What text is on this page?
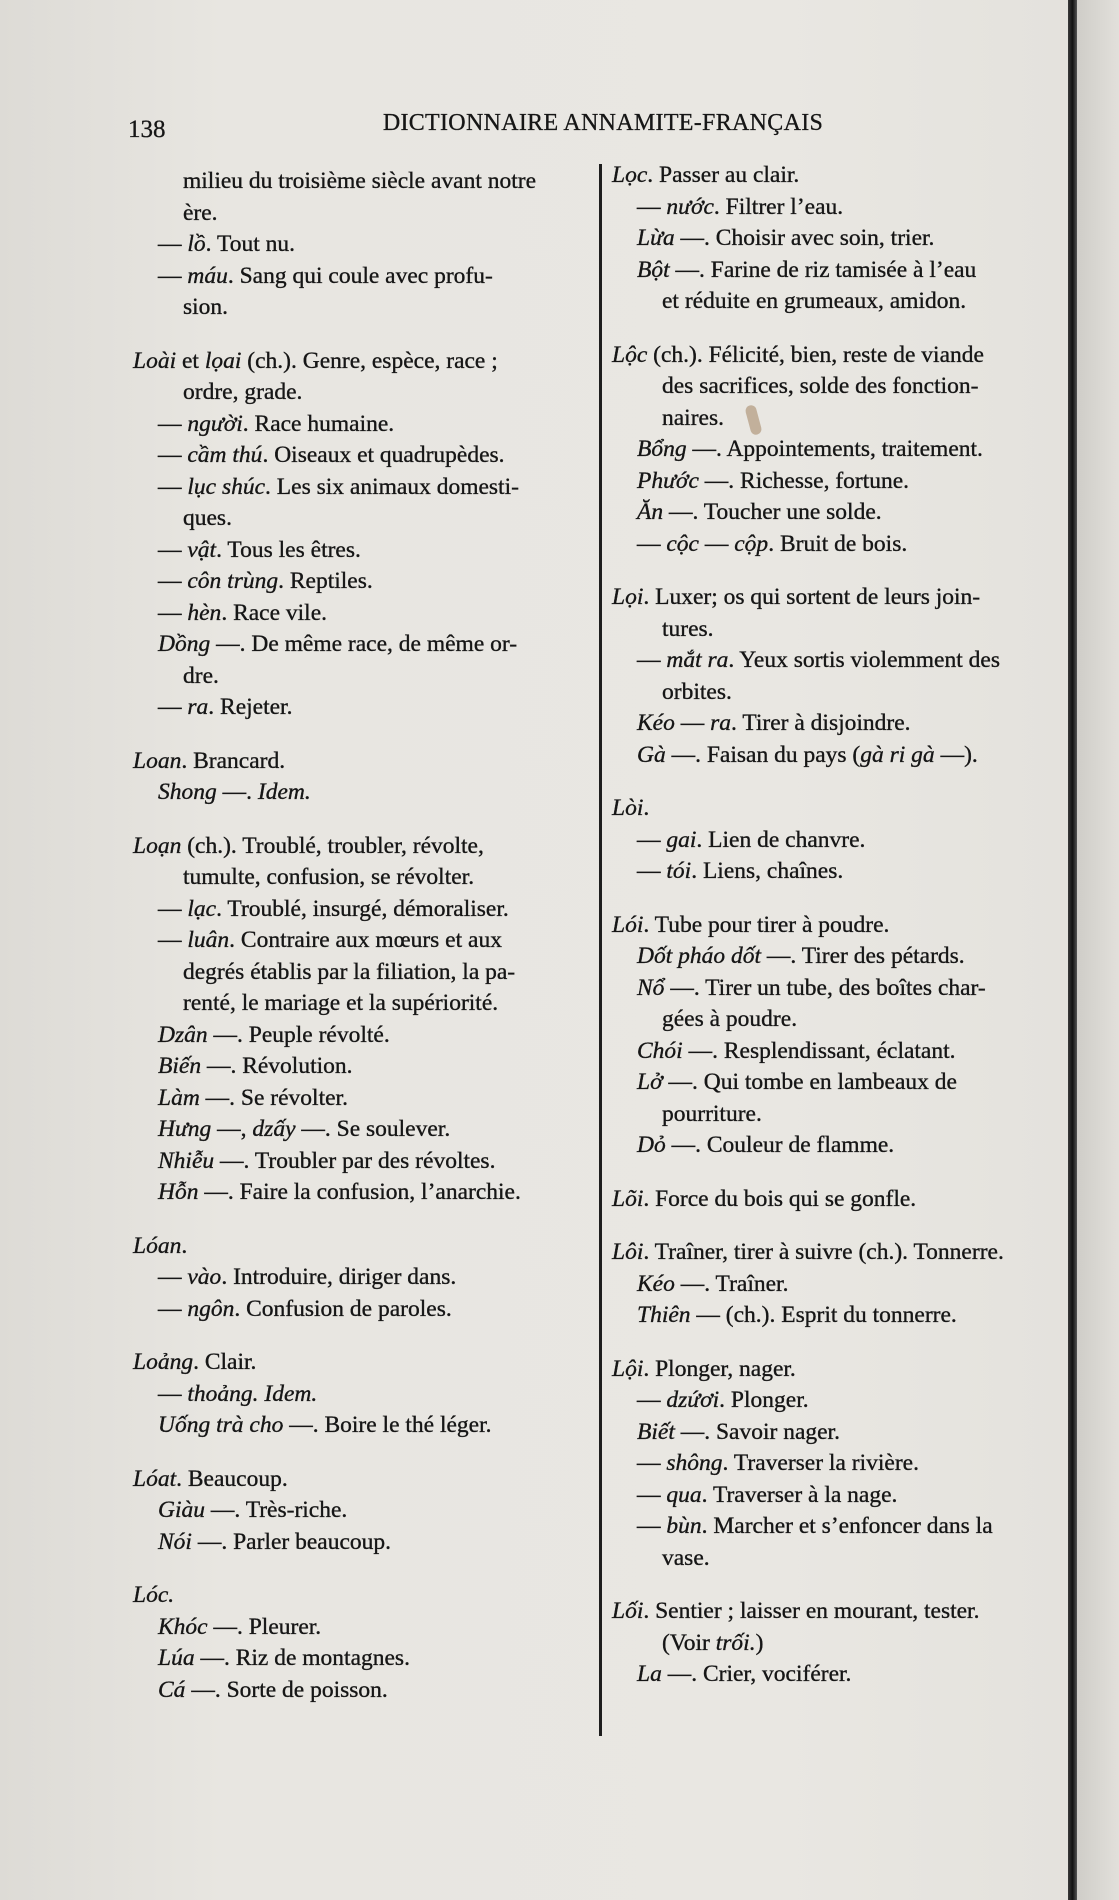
138	DICTIONNAIRE ANNAMITE-FRANÇAIS
milieu du troisième siècle avant notre
ère.
— lồ. Tout nu.
— máu. Sang qui coule avec profu-
sion.
Loài et lọai (ch.). Genre, espèce, race ;
ordre, grade.
— người. Race humaine.
— cầm thú. Oiseaux et quadrupèdes.
— lục shúc. Les six animaux domesti-
ques.
— vật. Tous les êtres.
— côn trùng. Reptiles.
— hèn. Race vile.
Dồng —. De même race, de même or-
dre.
— ra. Rejeter.
Loan. Brancard.
Shong —. Idem.
Loạn (ch.). Troublé, troubler, révolte,
tumulte, confusion, se révolter.
— lạc. Troublé, insurgé, démoraliser.
— luân. Contraire aux mœurs et aux
degrés établis par la filiation, la pa-
renté, le mariage et la supériorité.
Dzân —. Peuple révolté.
Biến —. Révolution.
Làm —. Se révolter.
Hưng —, dzấy —. Se soulever.
Nhiễu —. Troubler par des révoltes.
Hỗn —. Faire la confusion, l’anarchie.
Lóan.
— vào. Introduire, diriger dans.
— ngôn. Confusion de paroles.
Loảng. Clair.
— thoảng. Idem.
Uống trà cho —. Boire le thé léger.
Lóat. Beaucoup.
Giàu —. Très-riche.
Nói —. Parler beaucoup.
Lóc.
Khóc —. Pleurer.
Lúa —. Riz de montagnes.
Cá —. Sorte de poisson.
Lọc. Passer au clair.
— nước. Filtrer l’eau.
Lừa —. Choisir avec soin, trier.
Bột —. Farine de riz tamisée à l’eau
et réduite en grumeaux, amidon.
Lộc (ch.). Félicité, bien, reste de viande
des sacrifices, solde des fonction-
naires.
Bổng —. Appointements, traitement.
Phước —. Richesse, fortune.
Ăn —. Toucher une solde.
— cộc — cộp. Bruit de bois.
Lọi. Luxer; os qui sortent de leurs join-
tures.
— mắt ra. Yeux sortis violemment des
orbites.
Kéo — ra. Tirer à disjoindre.
Gà —. Faisan du pays (gà ri gà —).
Lòi.
— gai. Lien de chanvre.
— tói. Liens, chaînes.
Lói. Tube pour tirer à poudre.
Dốt pháo dốt —. Tirer des pétards.
Nổ —. Tirer un tube, des boîtes char-
gées à poudre.
Chói —. Resplendissant, éclatant.
Lở —. Qui tombe en lambeaux de
pourriture.
Dỏ —. Couleur de flamme.
Lõi. Force du bois qui se gonfle.
Lôi. Traîner, tirer à suivre (ch.). Tonnerre.
Kéo —. Traîner.
Thiên — (ch.). Esprit du tonnerre.
Lội. Plonger, nager.
— dzứơi. Plonger.
Biết —. Savoir nager.
— shông. Traverser la rivière.
— qua. Traverser à la nage.
— bùn. Marcher et s’enfoncer dans la
vase.
Lối. Sentier ; laisser en mourant, tester.
(Voir trối.)
La —. Crier, vociférer.
